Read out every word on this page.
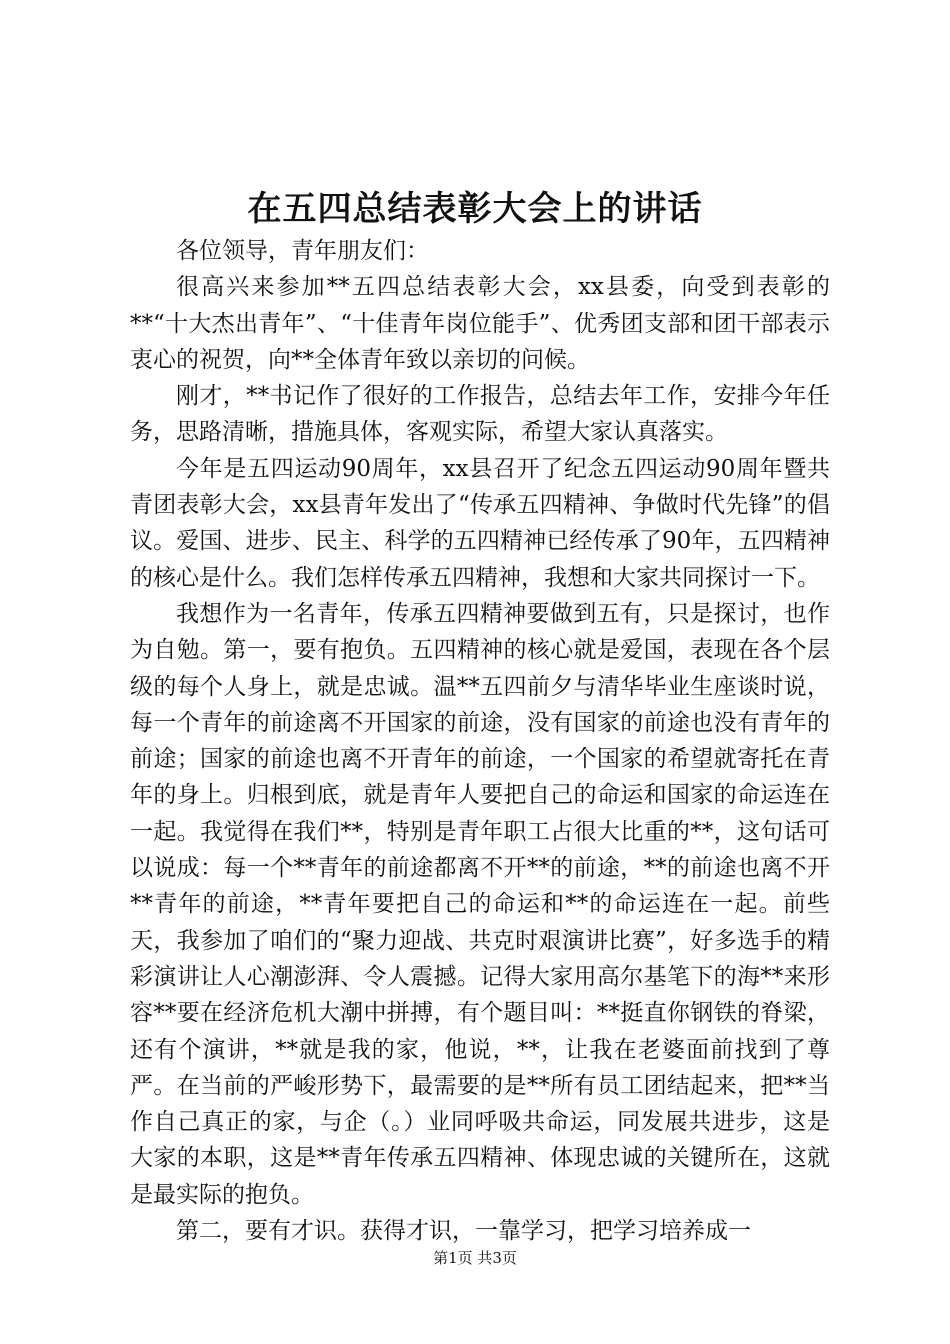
在五四总结表彰大会上的讲话

各位领导，青年朋友们：

很高兴来参加**五四总结表彰大会，xx县委，向受到表彰的**“十大杰出青年”、“十佳青年岗位能手”、优秀团支部和团干部表示衷心的祝贺，向**全体青年致以亲切的问候。

刚才，**书记作了很好的工作报告，总结去年工作，安排今年任务，思路清晰，措施具体，客观实际，希望大家认真落实。

今年是五四运动90周年，xx县召开了纪念五四运动90周年暨共青团表彰大会，xx县青年发出了“传承五四精神、争做时代先锋”的倡议。爱国、进步、民主、科学的五四精神已经传承了90年，五四精神的核心是什么。我们怎样传承五四精神，我想和大家共同探讨一下。

我想作为一名青年，传承五四精神要做到五有，只是探讨，也作为自勉。第一，要有抱负。五四精神的核心就是爱国，表现在各个层级的每个人身上，就是忠诚。温**五四前夕与清华毕业生座谈时说，每一个青年的前途离不开国家的前途，没有国家的前途也没有青年的前途；国家的前途也离不开青年的前途，一个国家的希望就寄托在青年的身上。归根到底，就是青年人要把自己的命运和国家的命运连在一起。我觉得在我们**，特别是青年职工占很大比重的**，这句话可以说成：每一个**青年的前途都离不开**的前途，**的前途也离不开**青年的前途，**青年要把自己的命运和**的命运连在一起。前些天，我参加了咱们的“聚力迎战、共克时艰演讲比赛”，好多选手的精彩演讲让人心潮澎湃、令人震撼。记得大家用高尔基笔下的海**来形容**要在经济危机大潮中拼搏，有个题目叫：**挺直你钢铁的脊梁，还有个演讲，**就是我的家，他说，**，让我在老婆面前找到了尊严。在当前的严峻形势下，最需要的是**所有员工团结起来，把**当作自己真正的家，与企（。）业同呼吸共命运，同发展共进步，这是大家的本职，这是**青年传承五四精神、体现忠诚的关键所在，这就是最实际的抱负。

第二，要有才识。获得才识，一靠学习，把学习培养成一

第1页 共3页
